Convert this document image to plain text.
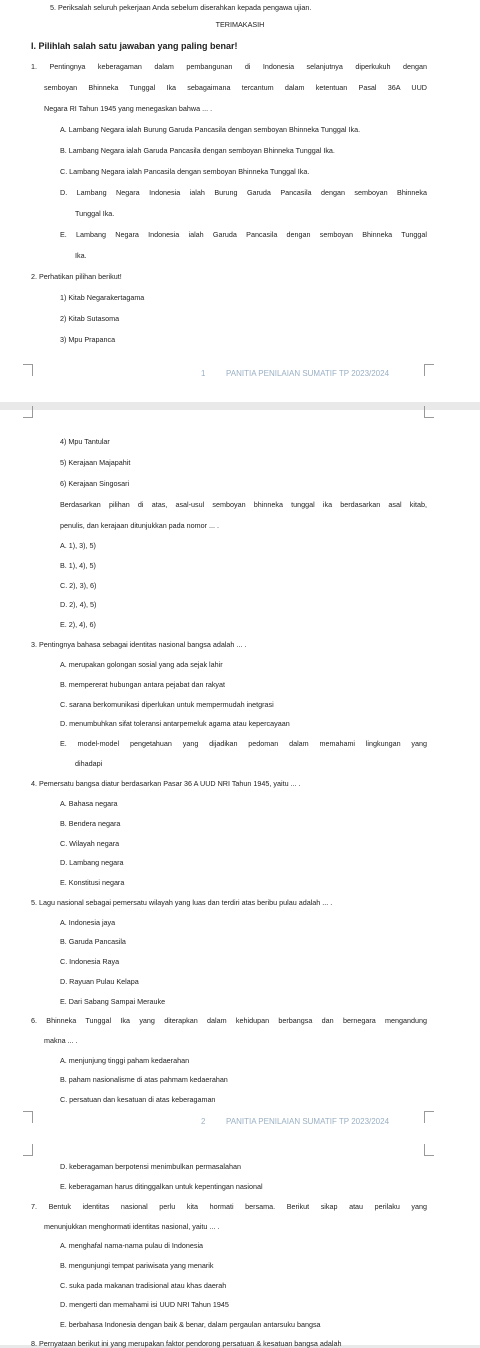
5. Periksalah seluruh pekerjaan Anda sebelum diserahkan kepada pengawa ujian.
TERIMAKASIH
I. Pilihlah salah satu jawaban yang paling benar!
1. Pentingnya keberagaman dalam pembangunan di Indonesia selanjutnya diperkukuh dengan
semboyan Bhinneka Tunggal Ika sebagaimana tercantum dalam ketentuan Pasal 36A UUD
Negara RI Tahun 1945 yang menegaskan bahwa ... .
A. Lambang Negara ialah Burung Garuda Pancasila dengan semboyan Bhinneka Tunggal Ika.
B. Lambang Negara ialah Garuda Pancasila dengan semboyan Bhinneka Tunggal Ika.
C. Lambang Negara ialah Pancasila dengan semboyan Bhinneka Tunggal Ika.
D. Lambang Negara Indonesia ialah Burung Garuda Pancasila dengan semboyan Bhinneka
Tunggal Ika.
E. Lambang Negara Indonesia ialah Garuda Pancasila dengan semboyan Bhinneka Tunggal
Ika.
2. Perhatikan pilihan berikut!
1) Kitab Negarakertagama
2) Kitab Sutasoma
3) Mpu Prapanca
1	PANITIA PENILAIAN SUMATIF TP 2023/2024
4) Mpu Tantular
5) Kerajaan Majapahit
6) Kerajaan Singosari
Berdasarkan pilihan di atas, asal-usul semboyan bhinneka tunggal ika berdasarkan asal kitab,
penulis, dan kerajaan ditunjukkan pada nomor ... .
A. 1), 3), 5)
B. 1), 4), 5)
C. 2), 3), 6)
D. 2), 4), 5)
E. 2), 4), 6)
3. Pentingnya bahasa sebagai identitas nasional bangsa adalah ... .
A. merupakan golongan sosial yang ada sejak lahir
B. mempererat hubungan antara pejabat dan rakyat
C. sarana berkomunikasi diperlukan untuk mempermudah inetgrasi
D. menumbuhkan sifat toleransi antarpemeluk agama atau kepercayaan
E. model-model pengetahuan yang dijadikan pedoman dalam memahami lingkungan yang
dihadapi
4. Pemersatu bangsa diatur berdasarkan Pasar 36 A UUD NRI Tahun 1945, yaitu ... .
A. Bahasa negara
B. Bendera negara
C. Wilayah negara
D. Lambang negara
E. Konstitusi negara
5. Lagu nasional sebagai pemersatu wilayah yang luas dan terdiri atas beribu pulau adalah ... .
A. Indonesia jaya
B. Garuda Pancasila
C. Indonesia Raya
D. Rayuan Pulau Kelapa
E. Dari Sabang Sampai Merauke
6. Bhinneka Tunggal Ika yang diterapkan dalam kehidupan berbangsa dan bernegara mengandung
makna ... .
A. menjunjung tinggi paham kedaerahan
B. paham nasionalisme di atas pahmam kedaerahan
C. persatuan dan kesatuan di atas keberagaman
2	PANITIA PENILAIAN SUMATIF TP 2023/2024
D. keberagaman berpotensi menimbulkan permasalahan
E. keberagaman harus ditinggalkan untuk kepentingan nasional
7. Bentuk identitas nasional perlu kita hormati bersama. Berikut sikap atau perilaku yang
menunjukkan menghormati identitas nasional, yaitu ... .
A. menghafal nama-nama pulau di Indonesia
B. mengunjungi tempat pariwisata yang menarik
C. suka pada makanan tradisional atau khas daerah
D. mengerti dan memahami isi UUD NRI Tahun 1945
E. berbahasa Indonesia dengan baik & benar, dalam pergaulan antarsuku bangsa
8. Pernyataan berikut ini yang merupakan faktor pendorong persatuan & kesatuan bangsa adalah
